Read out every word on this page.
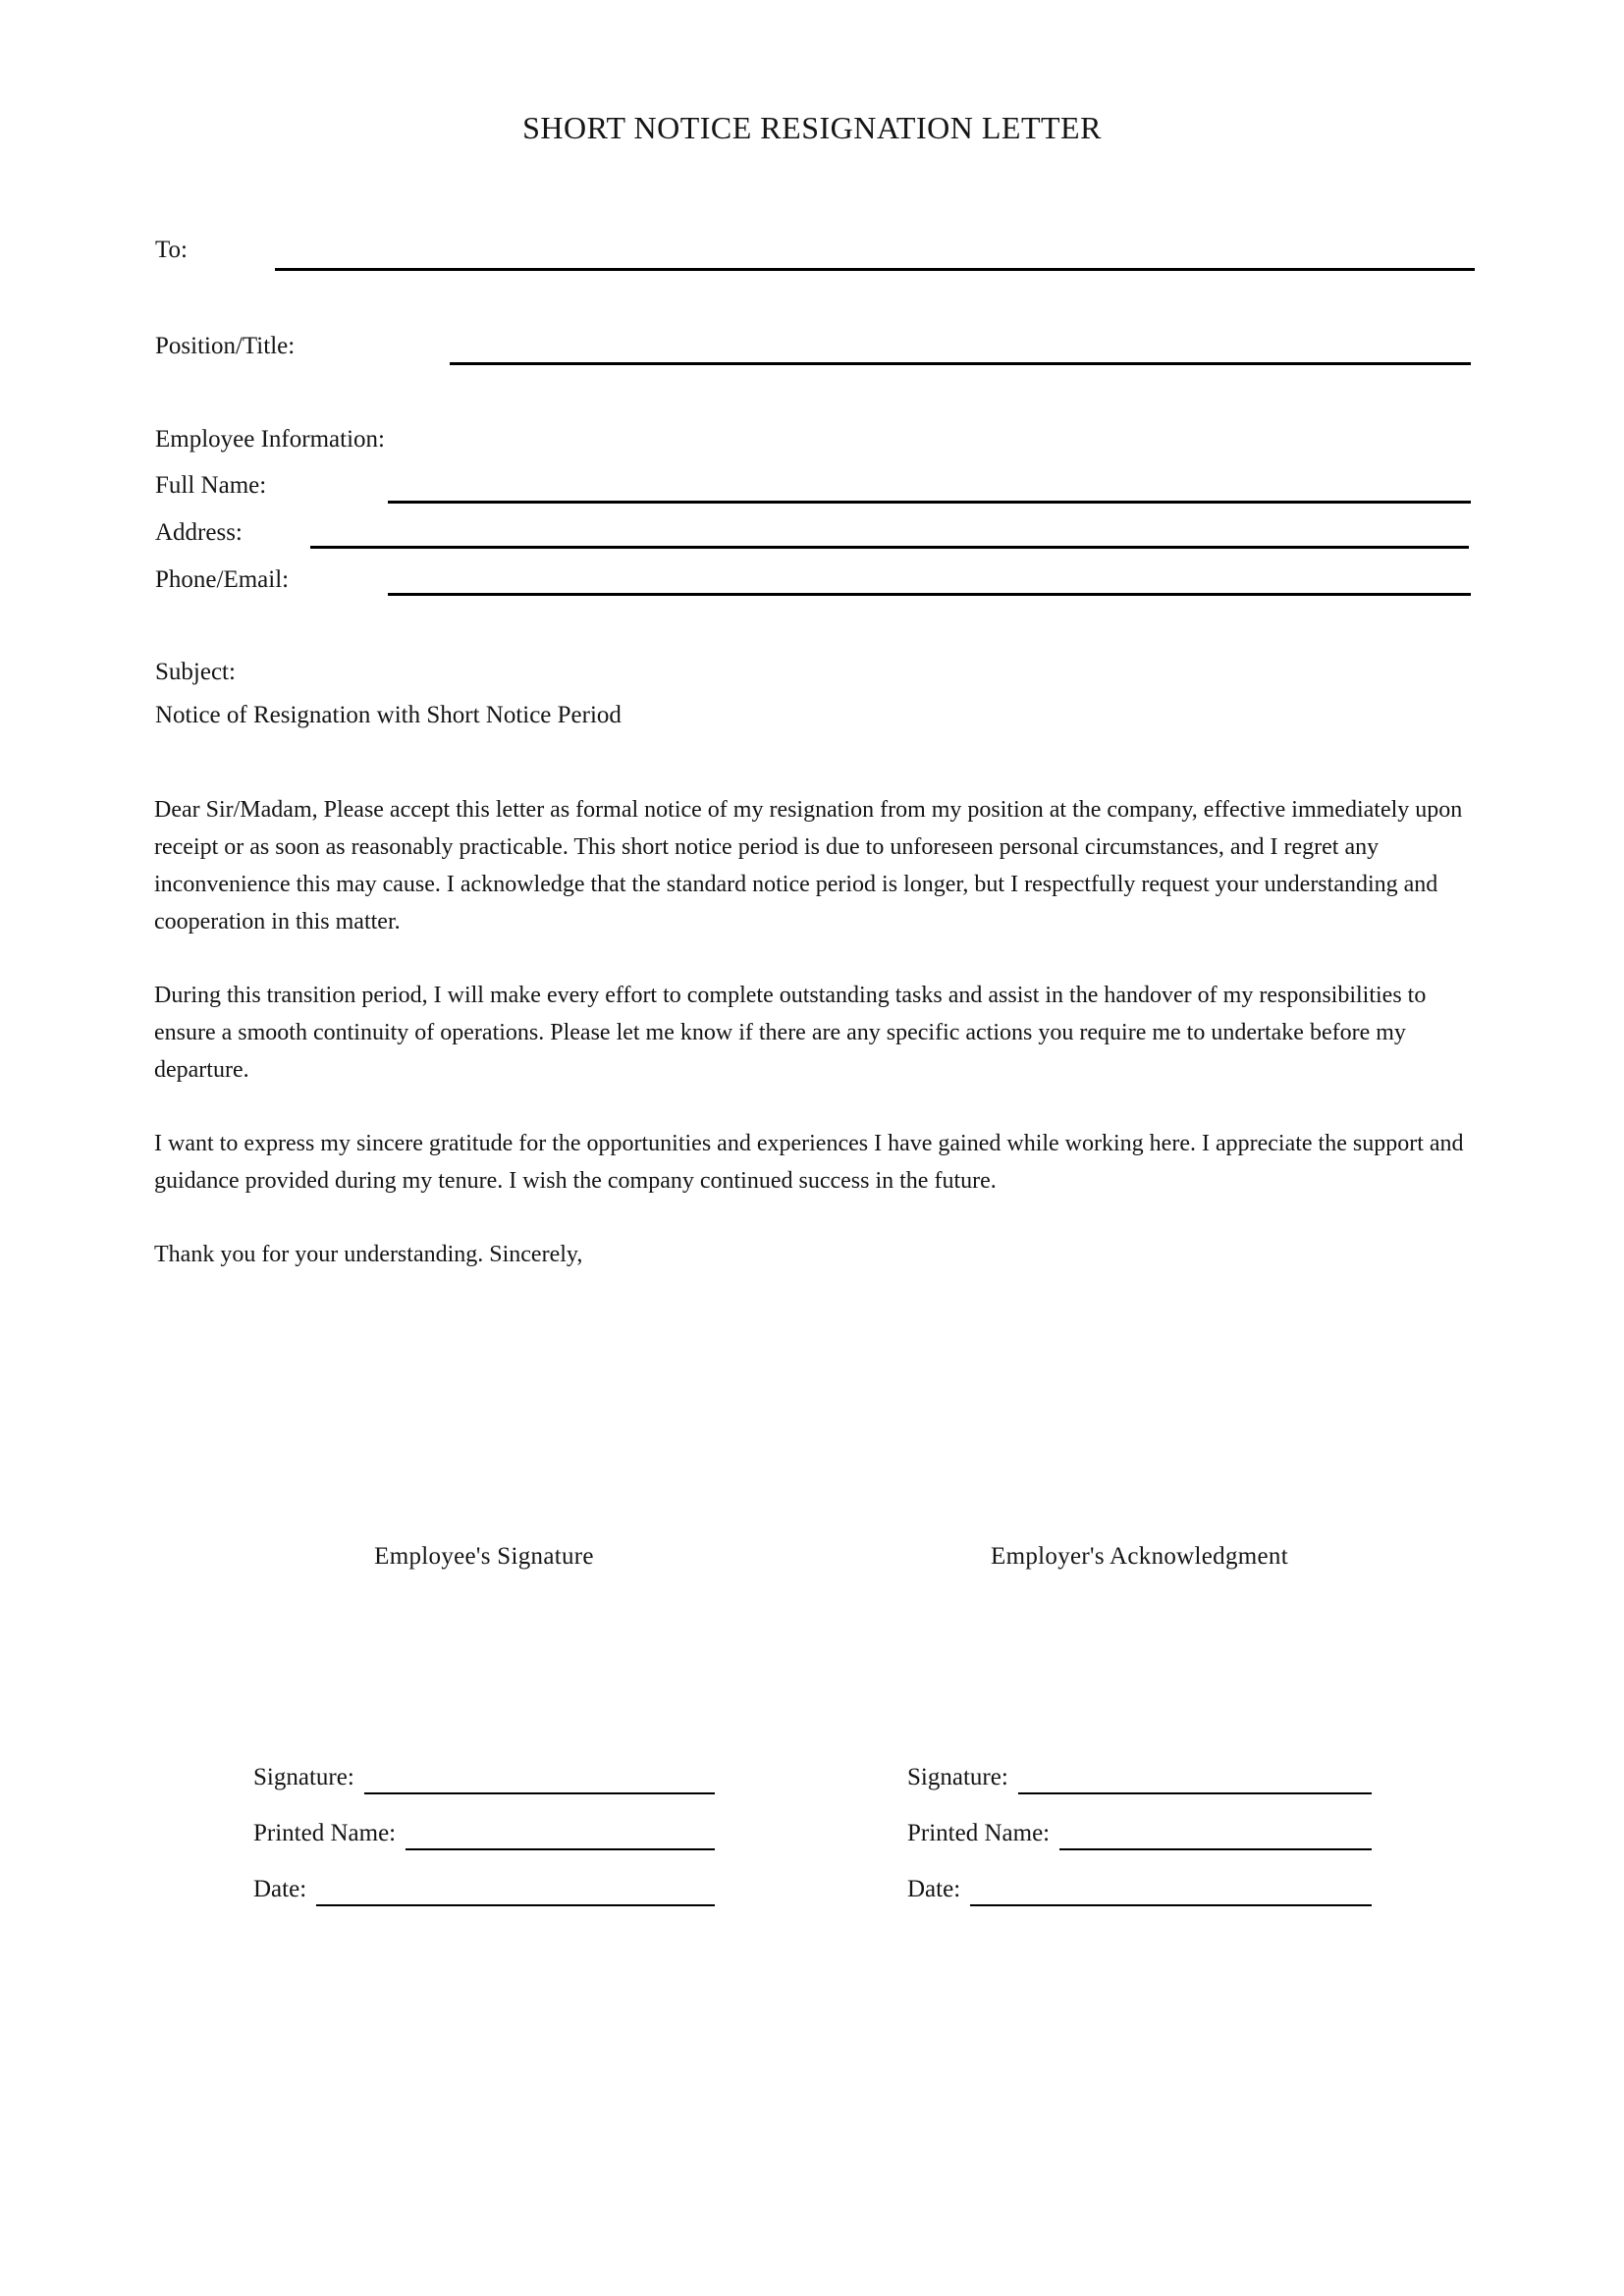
SHORT NOTICE RESIGNATION LETTER
To:
Position/Title:
Employee Information:
Full Name:
Address:
Phone/Email:
Subject:
Notice of Resignation with Short Notice Period

Dear Sir/Madam, Please accept this letter as formal notice of my resignation from my position at the company, effective immediately upon receipt or as soon as reasonably practicable. This short notice period is due to unforeseen personal circumstances, and I regret any inconvenience this may cause. I acknowledge that the standard notice period is longer, but I respectfully request your understanding and cooperation in this matter.

During this transition period, I will make every effort to complete outstanding tasks and assist in the handover of my responsibilities to ensure a smooth continuity of operations. Please let me know if there are any specific actions you require me to undertake before my departure.

I want to express my sincere gratitude for the opportunities and experiences I have gained while working here. I appreciate the support and guidance provided during my tenure. I wish the company continued success in the future.

Thank you for your understanding. Sincerely,

Employee's Signature	Employer's Acknowledgment
Signature:
Printed Name:
Date:
Signature:
Printed Name:
Date:
